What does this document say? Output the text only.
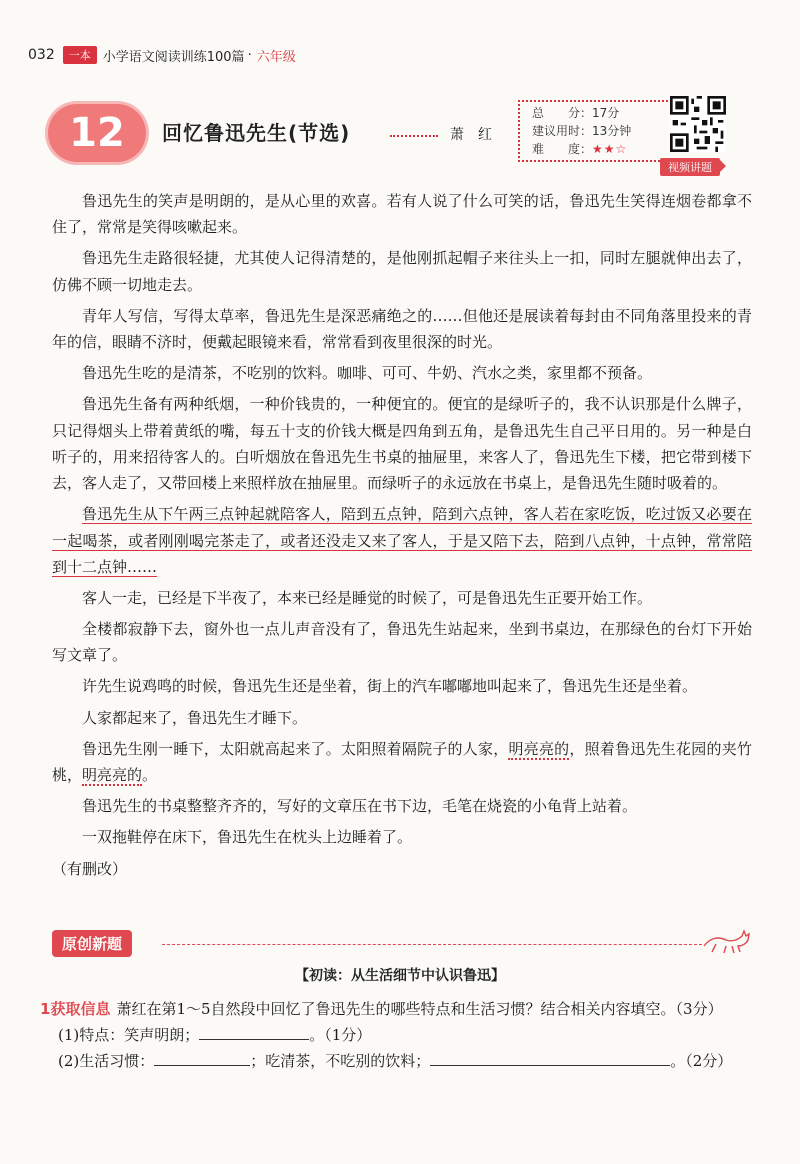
032	一本 小学语文阅读训练100篇 · 六年级
12	回忆鲁迅先生(节选)	萧　红
总　　分：17分
建议用时：13分钟
难　　度：★★☆
视频讲题

鲁迅先生的笑声是明朗的，是从心里的欢喜。若有人说了什么可笑的话，鲁迅先生笑得连烟卷都拿不住了，常常是笑得咳嗽起来。

鲁迅先生走路很轻捷，尤其使人记得清楚的，是他刚抓起帽子来往头上一扣，同时左腿就伸出去了，仿佛不顾一切地走去。

青年人写信，写得太草率，鲁迅先生是深恶痛绝之的……但他还是展读着每封由不同角落里投来的青年的信，眼睛不济时，便戴起眼镜来看，常常看到夜里很深的时光。

鲁迅先生吃的是清茶，不吃别的饮料。咖啡、可可、牛奶、汽水之类，家里都不预备。

鲁迅先生备有两种纸烟，一种价钱贵的，一种便宜的。便宜的是绿听子的，我不认识那是什么牌子，只记得烟头上带着黄纸的嘴，每五十支的价钱大概是四角到五角，是鲁迅先生自己平日用的。另一种是白听子的，用来招待客人的。白听烟放在鲁迅先生书桌的抽屉里，来客人了，鲁迅先生下楼，把它带到楼下去，客人走了，又带回楼上来照样放在抽屉里。而绿听子的永远放在书桌上，是鲁迅先生随时吸着的。

鲁迅先生从下午两三点钟起就陪客人，陪到五点钟，陪到六点钟，客人若在家吃饭，吃过饭又必要在一起喝茶，或者刚刚喝完茶走了，或者还没走又来了客人，于是又陪下去，陪到八点钟，十点钟，常常陪到十二点钟……

客人一走，已经是下半夜了，本来已经是睡觉的时候了，可是鲁迅先生正要开始工作。

全楼都寂静下去，窗外也一点儿声音没有了，鲁迅先生站起来，坐到书桌边，在那绿色的台灯下开始写文章了。

许先生说鸡鸣的时候，鲁迅先生还是坐着，街上的汽车嘟嘟地叫起来了，鲁迅先生还是坐着。

人家都起来了，鲁迅先生才睡下。

鲁迅先生刚一睡下，太阳就高起来了。太阳照着隔院子的人家，明亮亮的，照着鲁迅先生花园的夹竹桃，明亮亮的。

鲁迅先生的书桌整整齐齐的，写好的文章压在书下边，毛笔在烧瓷的小龟背上站着。

一双拖鞋停在床下，鲁迅先生在枕头上边睡着了。

（有删改）

原创新题
【初读：从生活细节中认识鲁迅】
1获取信息 萧红在第1～5自然段中回忆了鲁迅先生的哪些特点和生活习惯？结合相关内容填空。（3分）
(1)特点：笑声明朗；	。（1分）
(2)生活习惯：	；吃清茶，不吃别的饮料；	。（2分）
